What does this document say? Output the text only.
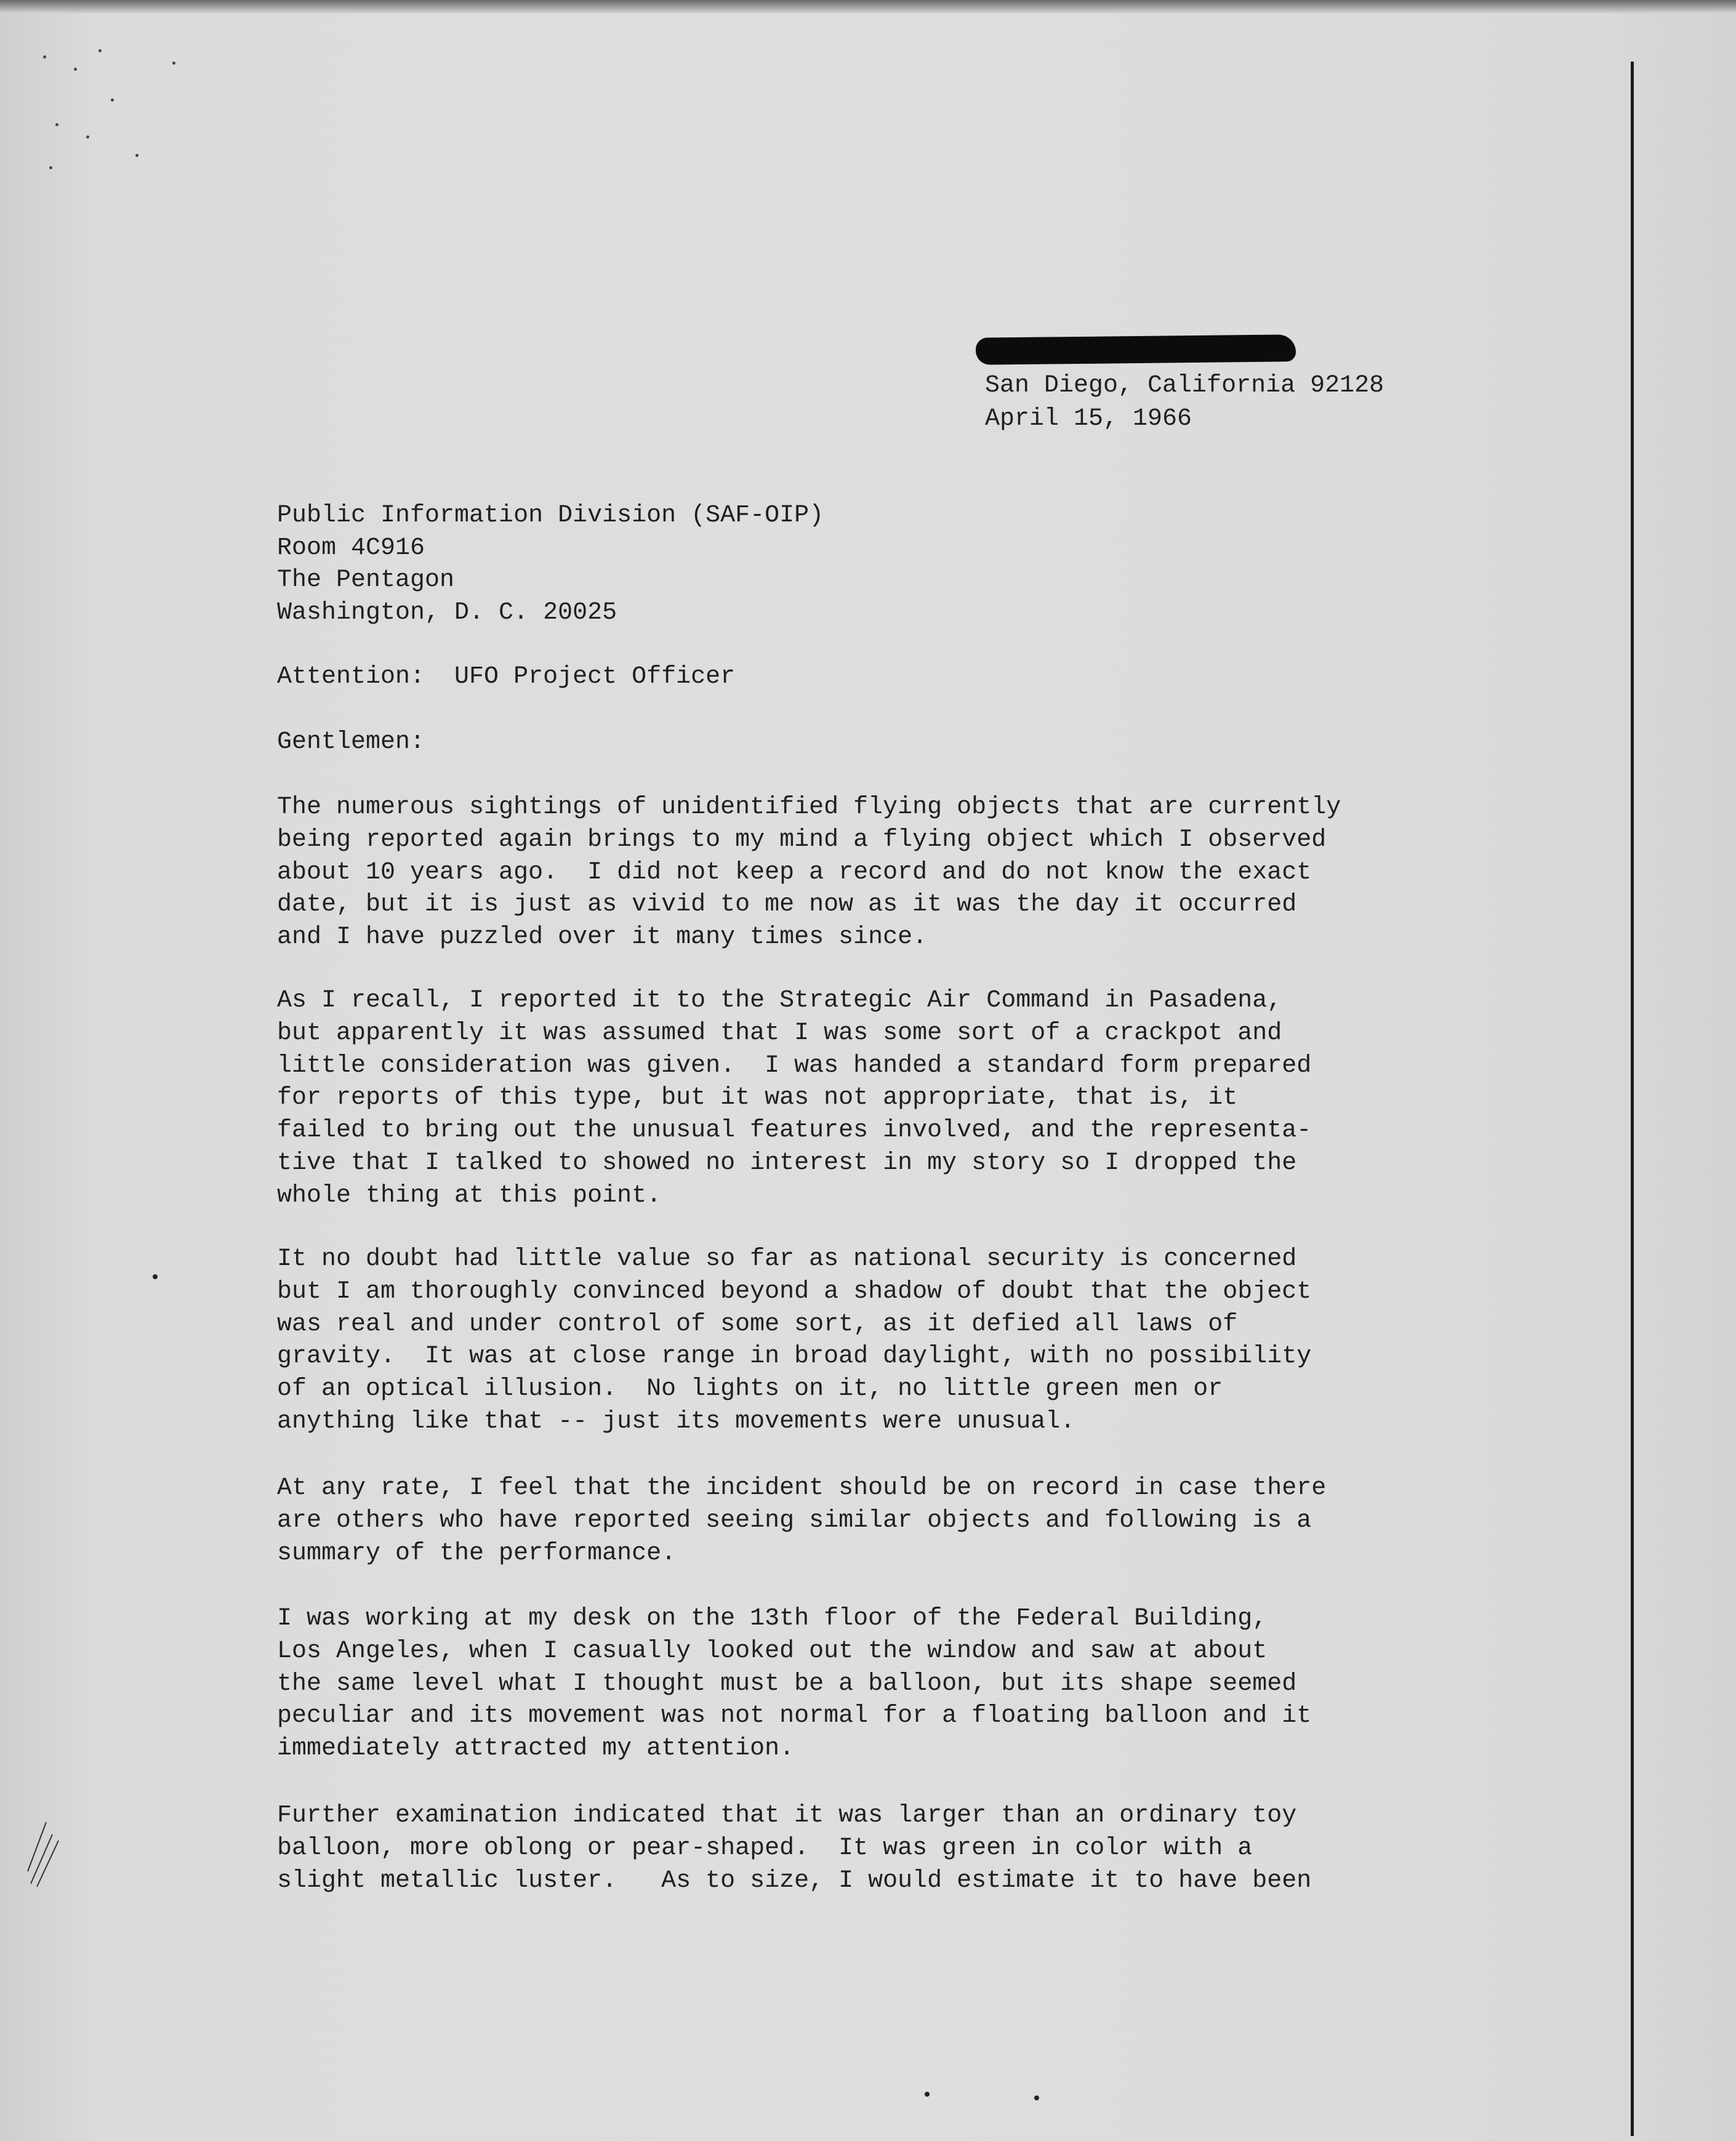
San Diego, California 92128
April 15, 1966
Public Information Division (SAF-OIP)
Room 4C916
The Pentagon
Washington, D. C. 20025
Attention:  UFO Project Officer
Gentlemen:
The numerous sightings of unidentified flying objects that are currently
being reported again brings to my mind a flying object which I observed
about 10 years ago.  I did not keep a record and do not know the exact
date, but it is just as vivid to me now as it was the day it occurred
and I have puzzled over it many times since.
As I recall, I reported it to the Strategic Air Command in Pasadena,
but apparently it was assumed that I was some sort of a crackpot and
little consideration was given.  I was handed a standard form prepared
for reports of this type, but it was not appropriate, that is, it
failed to bring out the unusual features involved, and the representa-
tive that I talked to showed no interest in my story so I dropped the
whole thing at this point.
It no doubt had little value so far as national security is concerned
but I am thoroughly convinced beyond a shadow of doubt that the object
was real and under control of some sort, as it defied all laws of
gravity.  It was at close range in broad daylight, with no possibility
of an optical illusion.  No lights on it, no little green men or
anything like that -- just its movements were unusual.
At any rate, I feel that the incident should be on record in case there
are others who have reported seeing similar objects and following is a
summary of the performance.
I was working at my desk on the 13th floor of the Federal Building,
Los Angeles, when I casually looked out the window and saw at about
the same level what I thought must be a balloon, but its shape seemed
peculiar and its movement was not normal for a floating balloon and it
immediately attracted my attention.
Further examination indicated that it was larger than an ordinary toy
balloon, more oblong or pear-shaped.  It was green in color with a
slight metallic luster.   As to size, I would estimate it to have been
